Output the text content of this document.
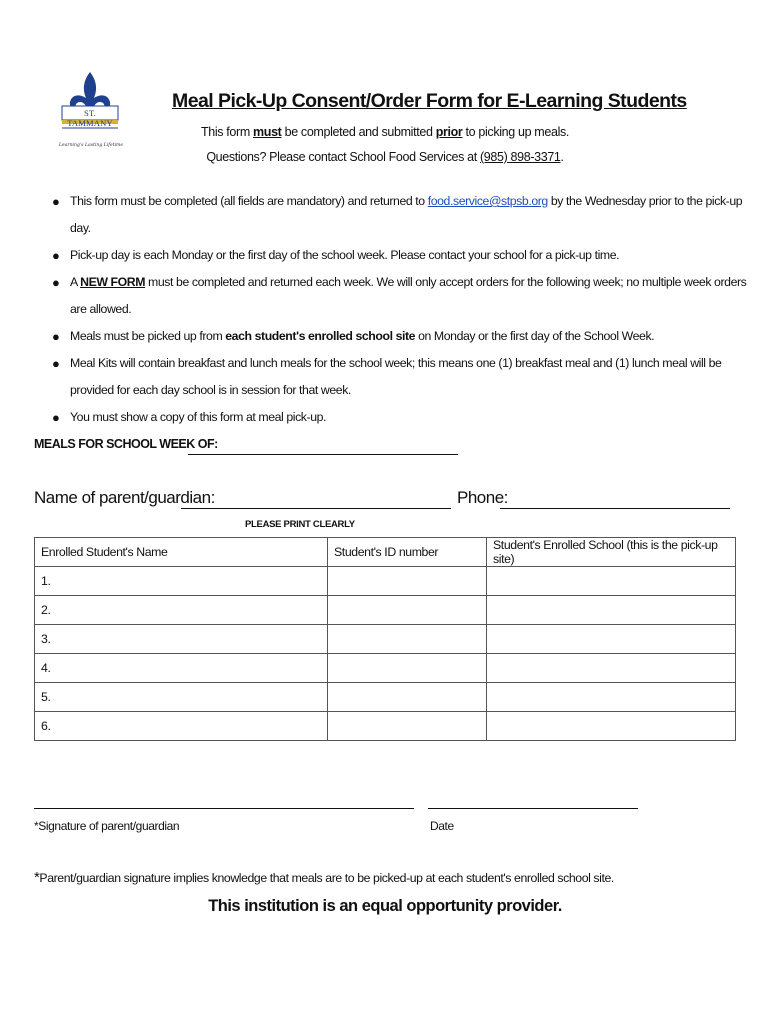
ST. TAMMANY
Learning's Lasting Lifetime
Meal Pick-Up Consent/Order Form for E-Learning Students
This form must be completed and submitted prior to picking up meals.
Questions? Please contact School Food Services at (985) 898-3371.
● This form must be completed (all fields are mandatory) and returned to food.service@stpsb.org by the Wednesday prior to the pick-up day.
● Pick-up day is each Monday or the first day of the school week. Please contact your school for a pick-up time.
● A NEW FORM must be completed and returned each week. We will only accept orders for the following week; no multiple week orders are allowed.
● Meals must be picked up from each student's enrolled school site on Monday or the first day of the School Week.
● Meal Kits will contain breakfast and lunch meals for the school week; this means one (1) breakfast meal and (1) lunch meal will be provided for each day school is in session for that week.
● You must show a copy of this form at meal pick-up.
MEALS FOR SCHOOL WEEK OF:
Name of parent/guardian:	Phone:
PLEASE PRINT CLEARLY
Enrolled Student's Name	Student's ID number	Student's Enrolled School (this is the pick-up site)
1.		
2.		
3.		
4.		
5.		
6.		
*Signature of parent/guardian	Date
*Parent/guardian signature implies knowledge that meals are to be picked-up at each student's enrolled school site.
This institution is an equal opportunity provider.
